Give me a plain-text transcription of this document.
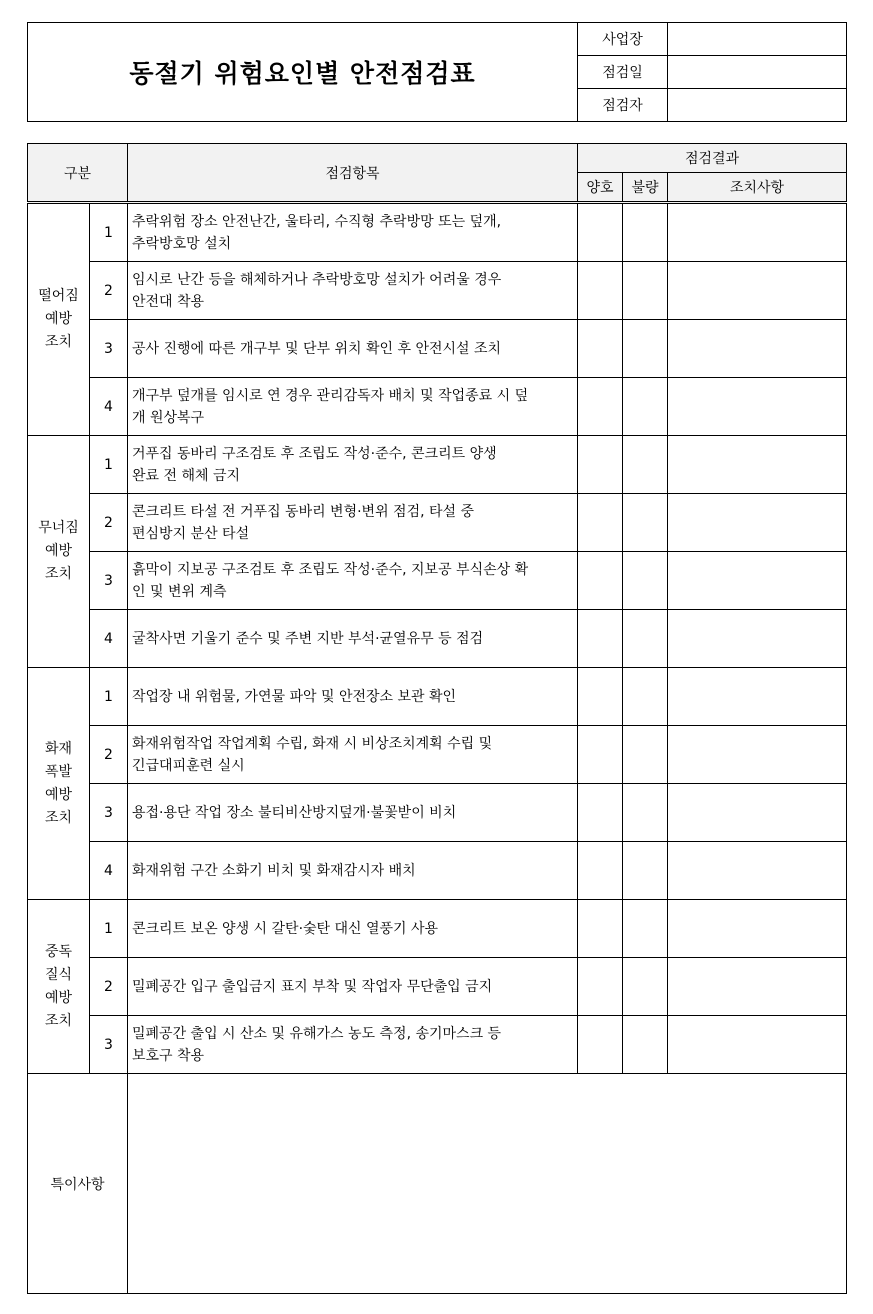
동절기 위험요인별 안전점검표	사업장	
	점검일	
	점검자	
구분		점검항목	점검결과		
			양호	불량	조치사항
떨어짐
예방
조치	1	추락위험 장소 안전난간, 울타리, 수직형 추락방망 또는 덮개,
추락방호망 설치			
	2	임시로 난간 등을 해체하거나 추락방호망 설치가 어려울 경우
안전대 착용			
	3	공사 진행에 따른 개구부 및 단부 위치 확인 후 안전시설 조치			
	4	개구부 덮개를 임시로 연 경우 관리감독자 배치 및 작업종료 시 덮
개 원상복구			
무너짐
예방
조치	1	거푸집 동바리 구조검토 후 조립도 작성·준수, 콘크리트 양생
완료 전 해체 금지			
	2	콘크리트 타설 전 거푸집 동바리 변형·변위 점검, 타설 중
편심방지 분산 타설			
	3	흙막이 지보공 구조검토 후 조립도 작성·준수, 지보공 부식손상 확
인 및 변위 계측			
	4	굴착사면 기울기 준수 및 주변 지반 부석·균열유무 등 점검			
화재
폭발
예방
조치	1	작업장 내 위험물, 가연물 파악 및 안전장소 보관 확인			
	2	화재위험작업 작업계획 수립, 화재 시 비상조치계획 수립 및
긴급대피훈련 실시			
	3	용접·용단 작업 장소 불티비산방지덮개·불꽃받이 비치			
	4	화재위험 구간 소화기 비치 및 화재감시자 배치			
중독
질식
예방
조치	1	콘크리트 보온 양생 시 갈탄·숯탄 대신 열풍기 사용			
	2	밀폐공간 입구 출입금지 표지 부착 및 작업자 무단출입 금지			
	3	밀폐공간 출입 시 산소 및 유해가스 농도 측정, 송기마스크 등
보호구 착용			
특이사항					
